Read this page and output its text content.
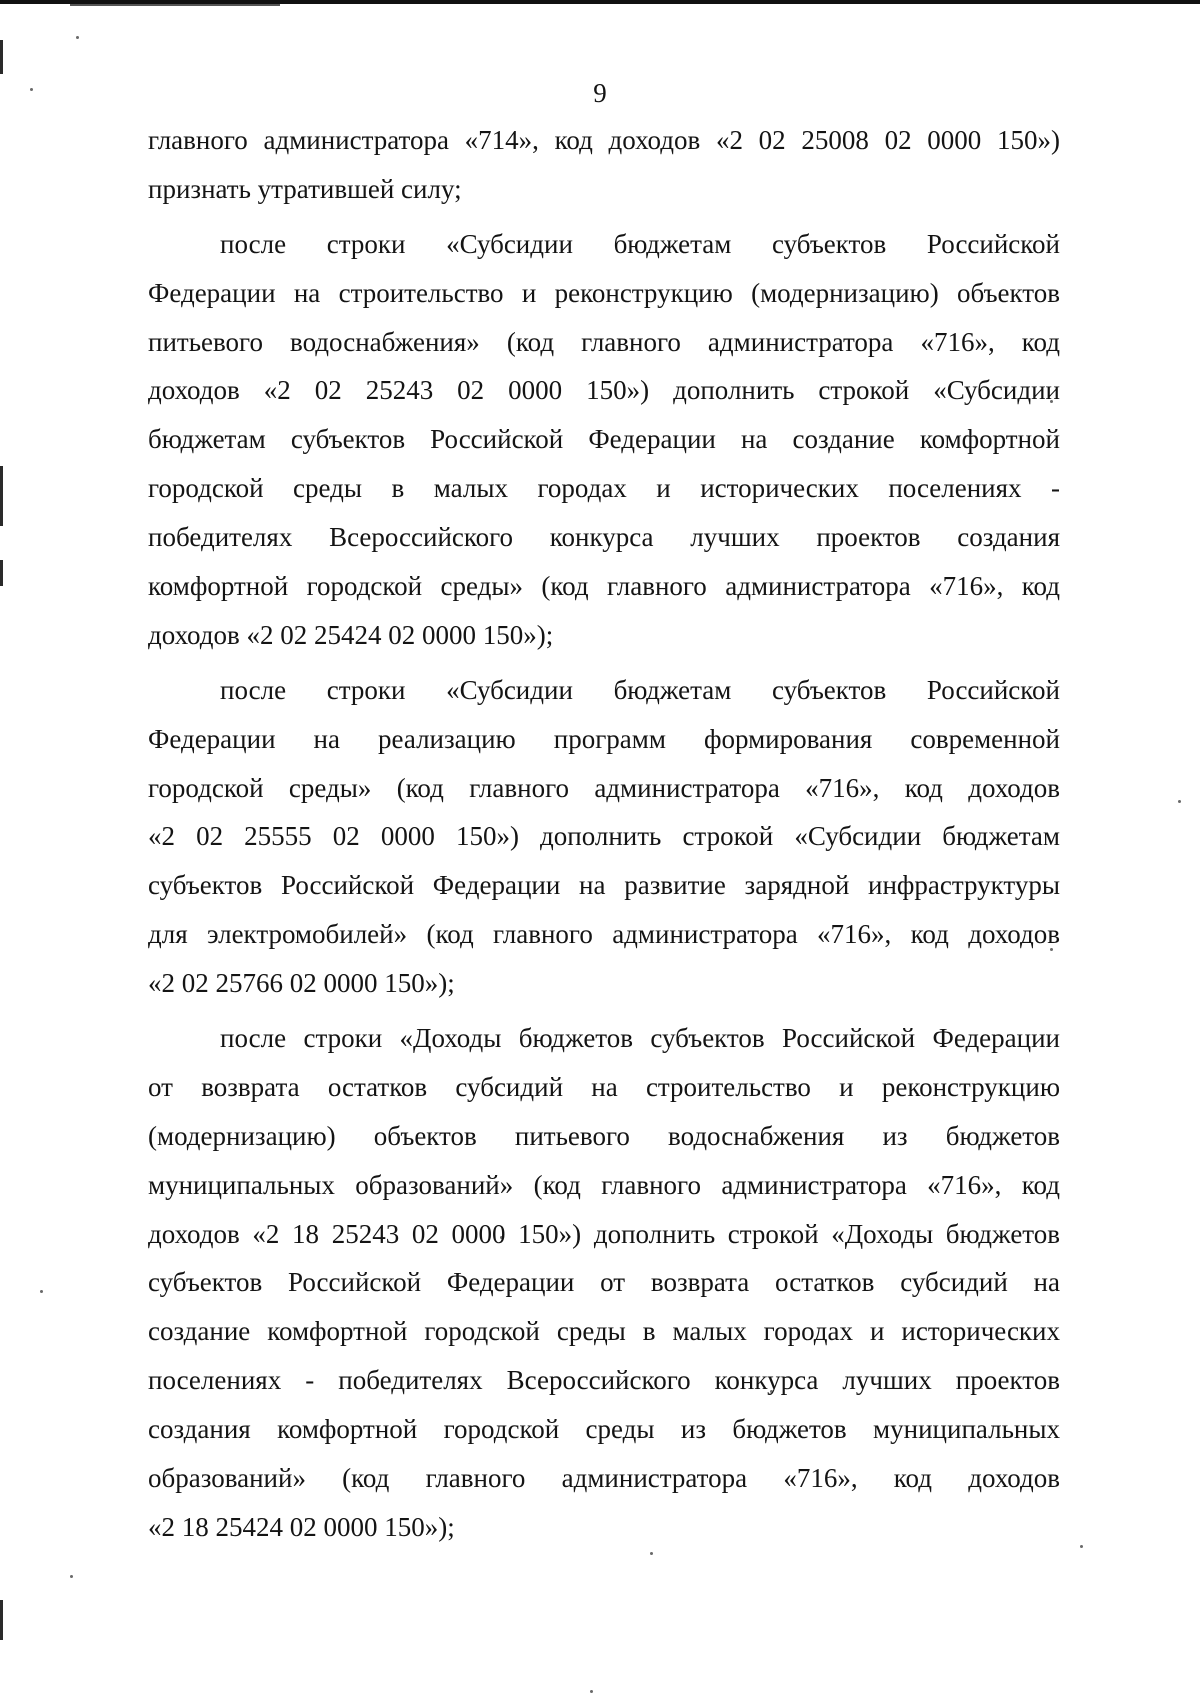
9
главного администратора «714», код доходов «2 02 25008 02 0000 150»)
признать утратившей силу;
после строки «Субсидии бюджетам субъектов Российской
Федерации на строительство и реконструкцию (модернизацию) объектов
питьевого водоснабжения» (код главного администратора «716», код
доходов «2 02 25243 02 0000 150») дополнить строкой «Субсидии
бюджетам субъектов Российской Федерации на создание комфортной
городской среды в малых городах и исторических поселениях -
победителях Всероссийского конкурса лучших проектов создания
комфортной городской среды» (код главного администратора «716», код
доходов «2 02 25424 02 0000 150»);
после строки «Субсидии бюджетам субъектов Российской
Федерации на реализацию программ формирования современной
городской среды» (код главного администратора «716», код доходов
«2 02 25555 02 0000 150») дополнить строкой «Субсидии бюджетам
субъектов Российской Федерации на развитие зарядной инфраструктуры
для электромобилей» (код главного администратора «716», код доходов
«2 02 25766 02 0000 150»);
после строки «Доходы бюджетов субъектов Российской Федерации
от возврата остатков субсидий на строительство и реконструкцию
(модернизацию) объектов питьевого водоснабжения из бюджетов
муниципальных образований» (код главного администратора «716», код
доходов «2 18 25243 02 0000 150») дополнить строкой «Доходы бюджетов
субъектов Российской Федерации от возврата остатков субсидий на
создание комфортной городской среды в малых городах и исторических
поселениях - победителях Всероссийского конкурса лучших проектов
создания комфортной городской среды из бюджетов муниципальных
образований» (код главного администратора «716», код доходов
«2 18 25424 02 0000 150»);
